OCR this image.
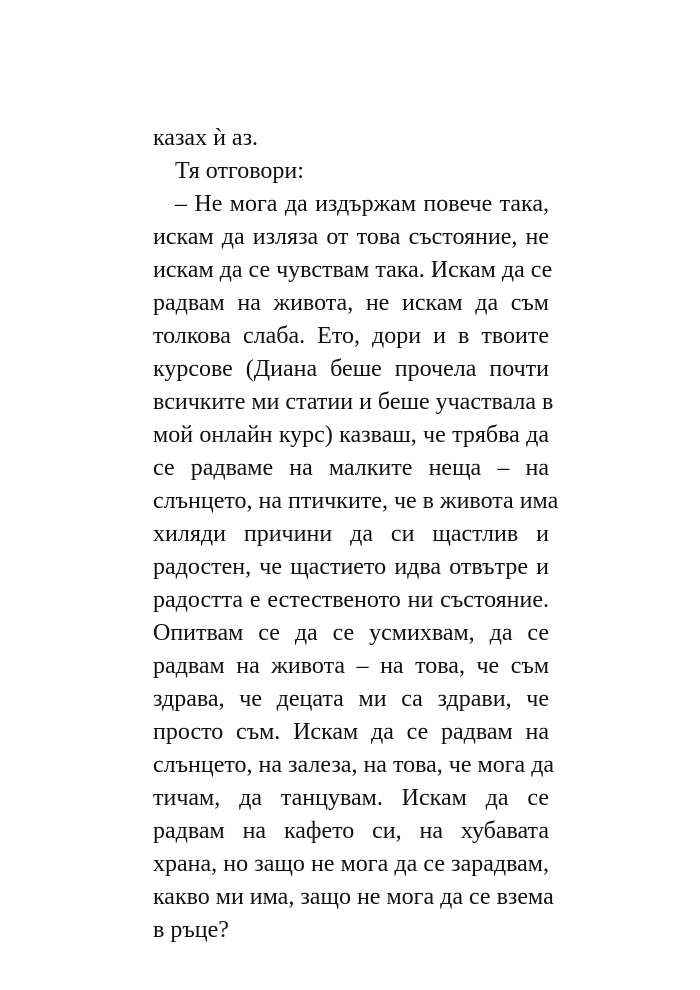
казах ѝ аз.
Тя отговори:
– Не мога да издържам повече така,
искам да изляза от това състояние, не
искам да се чувствам така. Искам да се
радвам на живота, не искам да съм
толкова слаба. Ето, дори и в твоите
курсове (Диана беше прочела почти
всичките ми статии и беше участвала в
мой онлайн курс) казваш, че трябва да
се радваме на малките неща – на
слънцето, на птичките, че в живота има
хиляди причини да си щастлив и
радостен, че щастието идва отвътре и
радостта е естественото ни състояние.
Опитвам се да се усмихвам, да се
радвам на живота – на това, че съм
здрава, че децата ми са здрави, че
просто съм. Искам да се радвам на
слънцето, на залеза, на това, че мога да
тичам, да танцувам. Искам да се
радвам на кафето си, на хубавата
храна, но защо не мога да се зарадвам,
какво ми има, защо не мога да се взема
в ръце?
